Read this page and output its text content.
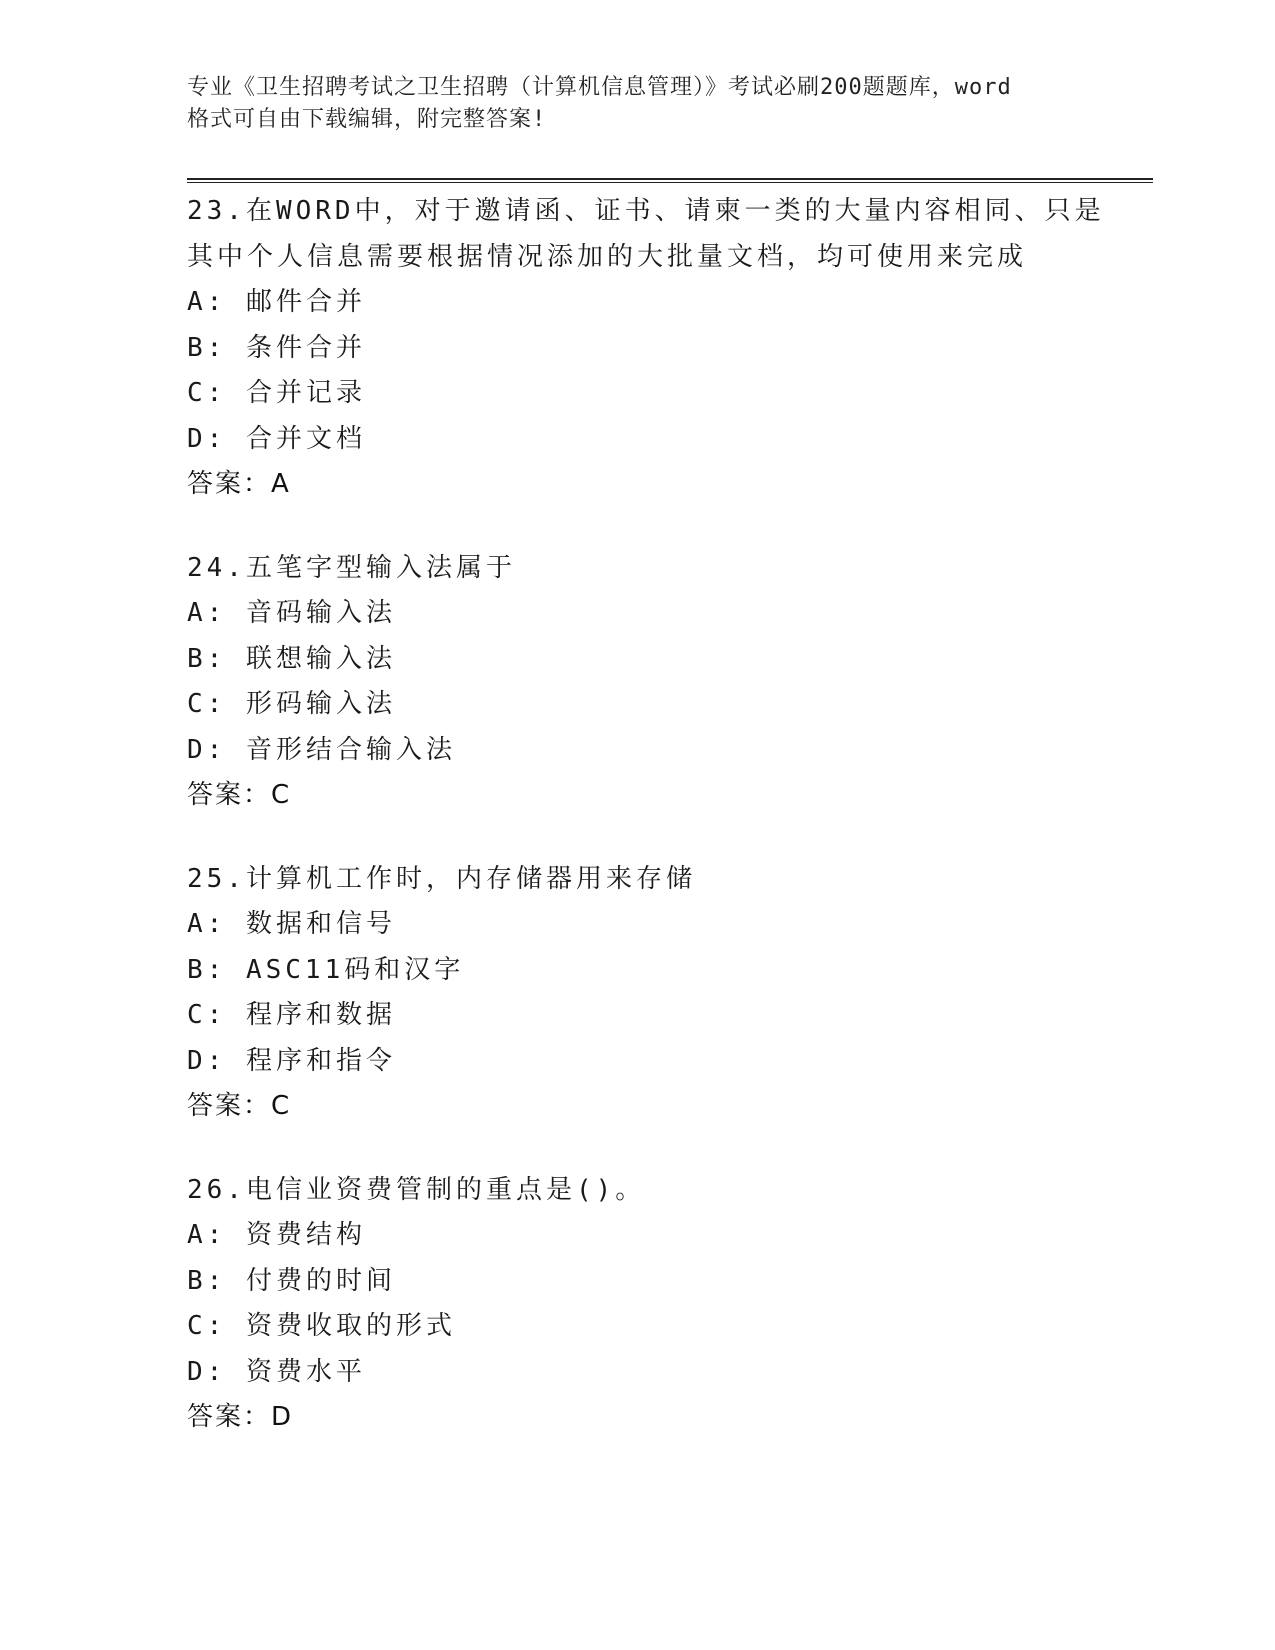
专业《卫生招聘考试之卫生招聘（计算机信息管理）》考试必刷200题题库，word
格式可自由下载编辑，附完整答案!
23.在WORD中，对于邀请函、证书、请柬一类的大量内容相同、只是
其中个人信息需要根据情况添加的大批量文档，均可使用来完成
A: 邮件合并
B: 条件合并
C: 合并记录
D: 合并文档
答案：A
24.五笔字型输入法属于
A: 音码输入法
B: 联想输入法
C: 形码输入法
D: 音形结合输入法
答案：C
25.计算机工作时，内存储器用来存储
A: 数据和信号
B: ASC11码和汉字
C: 程序和数据
D: 程序和指令
答案：C
26.电信业资费管制的重点是()。
A: 资费结构
B: 付费的时间
C: 资费收取的形式
D: 资费水平
答案：D
